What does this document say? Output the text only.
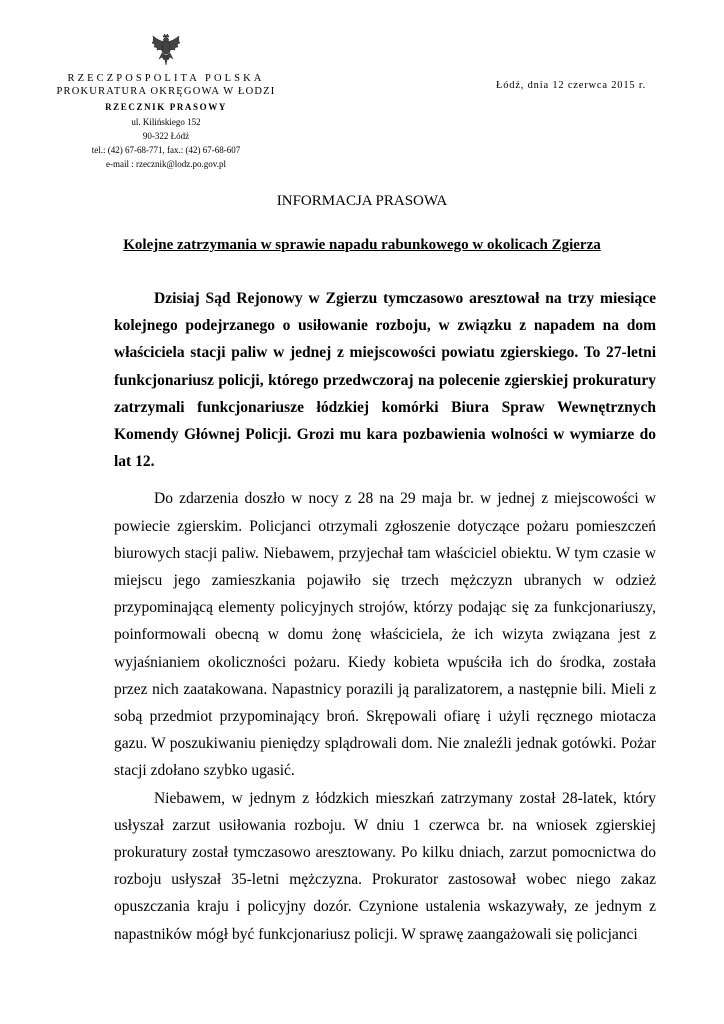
RZECZPOSPOLITA POLSKA
PROKURATURA OKRĘGOWA W ŁODZI
RZECZNIK PRASOWY
ul. Kilińskiego 152
90-322 Łódź
tel.: (42) 67-68-771, fax.: (42) 67-68-607
e-mail : rzecznik@lodz.po.gov.pl
Łódź, dnia 12 czerwca 2015 r.
INFORMACJA PRASOWA
Kolejne zatrzymania w sprawie napadu rabunkowego w okolicach Zgierza

Dzisiaj Sąd Rejonowy w Zgierzu tymczasowo aresztował na trzy miesiące kolejnego podejrzanego o usiłowanie rozboju, w związku z napadem na dom właściciela stacji paliw w jednej z miejscowości powiatu zgierskiego. To 27-letni funkcjonariusz policji, którego przedwczoraj na polecenie zgierskiej prokuratury zatrzymali funkcjonariusze łódzkiej komórki Biura Spraw Wewnętrznych Komendy Głównej Policji. Grozi mu kara pozbawienia wolności w wymiarze do lat 12.

Do zdarzenia doszło w nocy z 28 na 29 maja br. w jednej z miejscowości w powiecie zgierskim. Policjanci otrzymali zgłoszenie dotyczące pożaru pomieszczeń biurowych stacji paliw. Niebawem, przyjechał tam właściciel obiektu. W tym czasie w miejscu jego zamieszkania pojawiło się trzech mężczyzn ubranych w odzież przypominającą elementy policyjnych strojów, którzy podając się za funkcjonariuszy, poinformowali obecną w domu żonę właściciela, że ich wizyta związana jest z wyjaśnianiem okoliczności pożaru. Kiedy kobieta wpuściła ich do środka, została przez nich zaatakowana. Napastnicy porazili ją paralizatorem, a następnie bili. Mieli z sobą przedmiot przypominający broń. Skrępowali ofiarę i użyli ręcznego miotacza gazu. W poszukiwaniu pieniędzy splądrowali dom. Nie znaleźli jednak gotówki. Pożar stacji zdołano szybko ugasić.

Niebawem, w jednym z łódzkich mieszkań zatrzymany został 28-latek, który usłyszał zarzut usiłowania rozboju. W dniu 1 czerwca br. na wniosek zgierskiej prokuratury został tymczasowo aresztowany. Po kilku dniach, zarzut pomocnictwa do rozboju usłyszał 35-letni mężczyzna. Prokurator zastosował wobec niego zakaz opuszczania kraju i policyjny dozór. Czynione ustalenia wskazywały, ze jednym z napastników mógł być funkcjonariusz policji. W sprawę zaangażowali się policjanci
